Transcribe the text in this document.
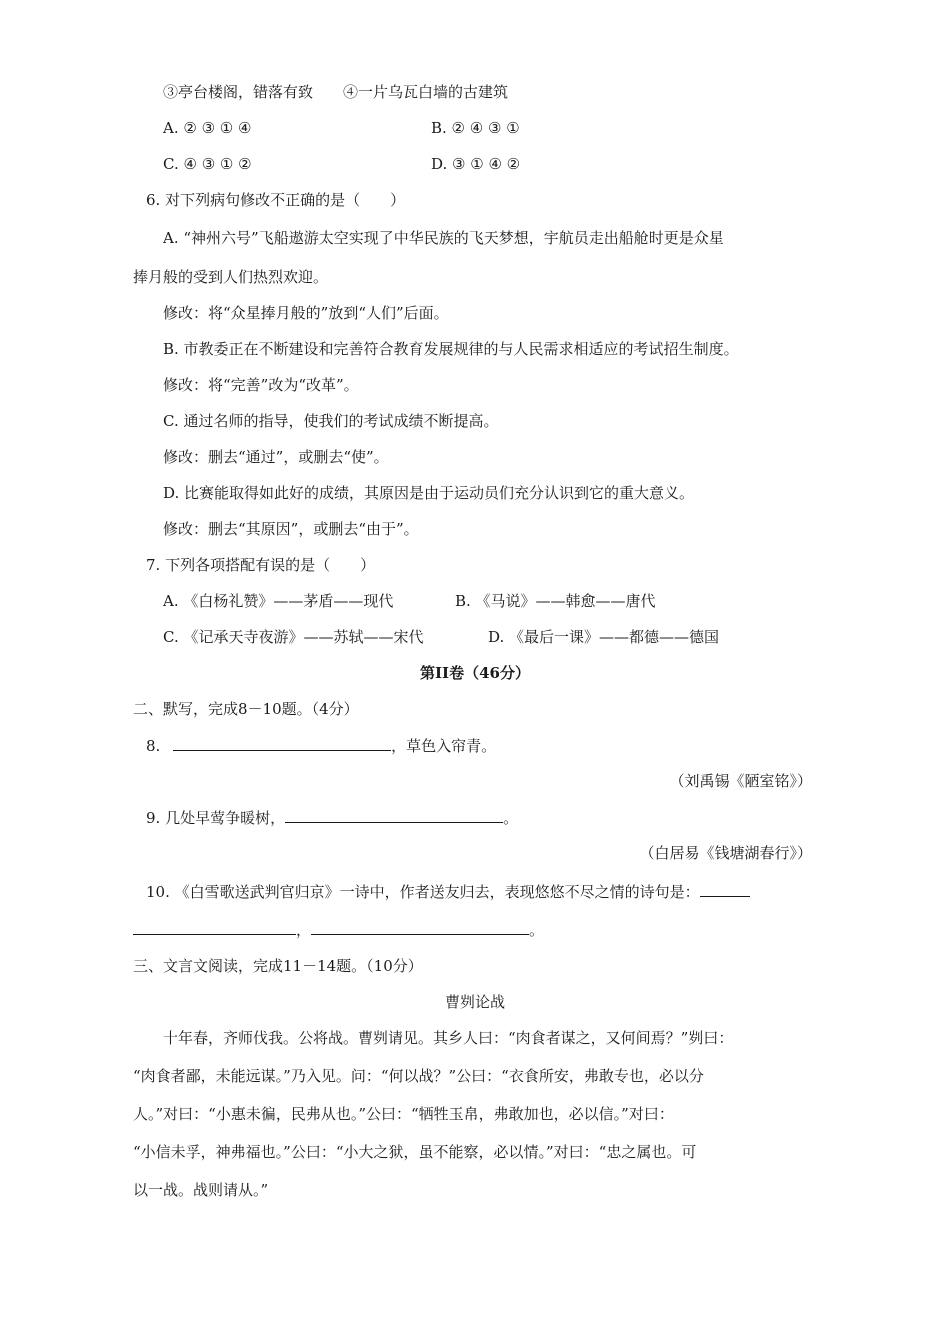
③亭台楼阁，错落有致 ④一片乌瓦白墙的古建筑
A. ② ③ ① ④	B. ② ④ ③ ①
C. ④ ③ ① ②	D. ③ ① ④ ②
6. 对下列病句修改不正确的是（　　）
A. “神州六号”飞船遨游太空实现了中华民族的飞天梦想，宇航员走出船舱时更是众星
捧月般的受到人们热烈欢迎。
修改：将“众星捧月般的”放到“人们”后面。
B. 市教委正在不断建设和完善符合教育发展规律的与人民需求相适应的考试招生制度。
修改：将“完善”改为“改革”。
C. 通过名师的指导，使我们的考试成绩不断提高。
修改：删去“通过”，或删去“使”。
D. 比赛能取得如此好的成绩，其原因是由于运动员们充分认识到它的重大意义。
修改：删去“其原因”，或删去“由于”。
7. 下列各项搭配有误的是（　　）
A. 《白杨礼赞》——茅盾——现代	B. 《马说》——韩愈——唐代
C. 《记承天寺夜游》——苏轼——宋代	D. 《最后一课》——都德——德国
第II卷（46分）
二、默写，完成8－10题。（4分）
8.	，草色入帘青。
（刘禹锡《陋室铭》）
9. 几处早莺争暖树，	。
（白居易《钱塘湖春行》）
10. 《白雪歌送武判官归京》一诗中，作者送友归去，表现悠悠不尽之情的诗句是：
，	。
三、文言文阅读，完成11－14题。（10分）
曹刿论战
十年春，齐师伐我。公将战。曹刿请见。其乡人曰：“肉食者谋之，又何间焉？”刿曰：
“肉食者鄙，未能远谋。”乃入见。问：“何以战？”公曰：“衣食所安，弗敢专也，必以分
人。”对曰：“小惠未徧，民弗从也。”公曰：“牺牲玉帛，弗敢加也，必以信。”对曰：
“小信未孚，神弗福也。”公曰：“小大之狱，虽不能察，必以情。”对曰：“忠之属也。可
以一战。战则请从。”
